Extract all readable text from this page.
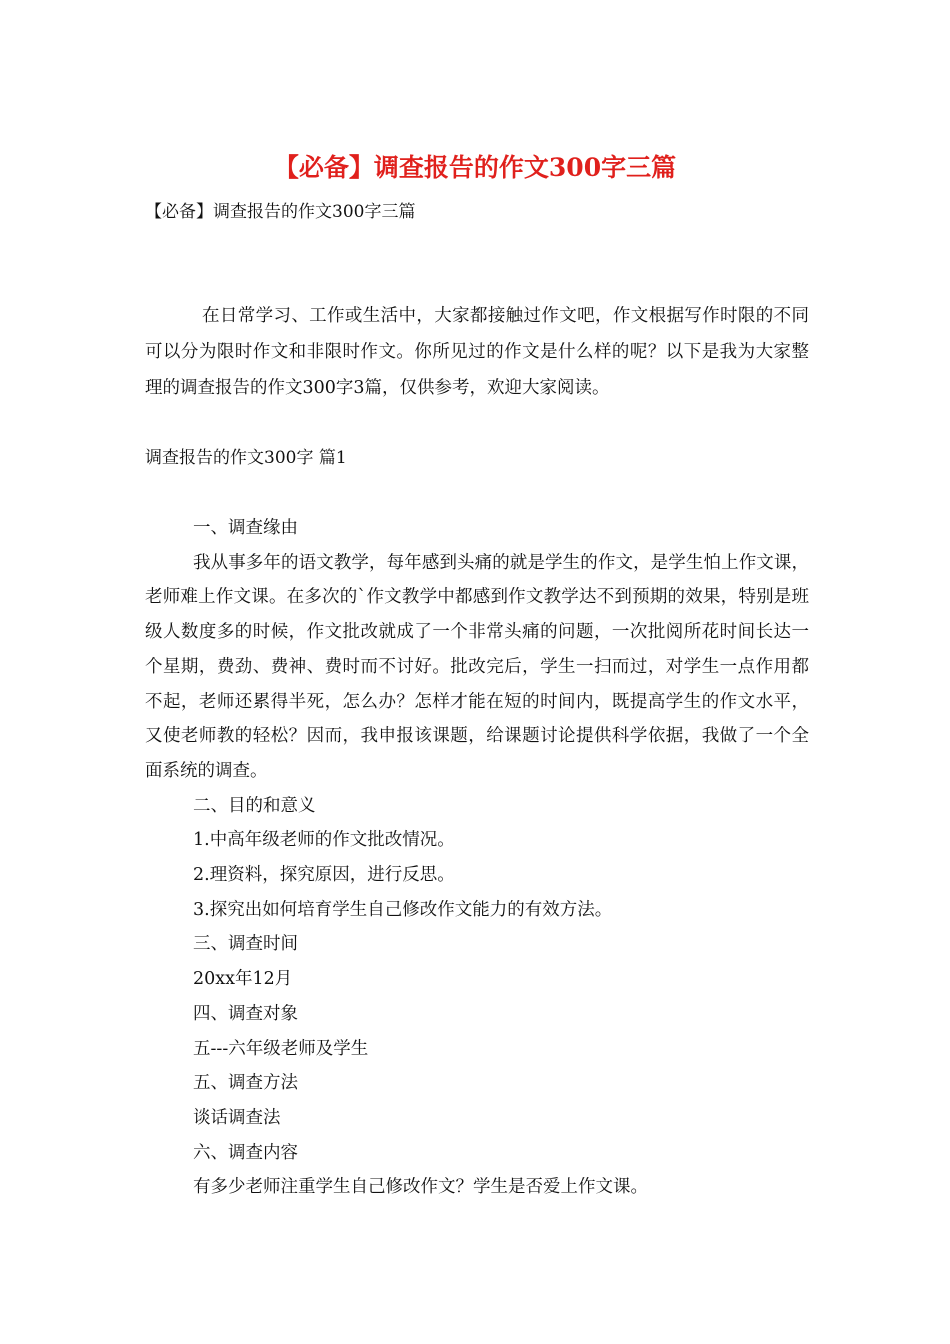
【必备】调查报告的作文300字三篇
【必备】调查报告的作文300字三篇
在日常学习、工作或生活中，大家都接触过作文吧，作文根据写作时限的不同可以分为限时作文和非限时作文。你所见过的作文是什么样的呢？以下是我为大家整理的调查报告的作文300字3篇，仅供参考，欢迎大家阅读。
调查报告的作文300字 篇1
一、调查缘由
我从事多年的语文教学，每年感到头痛的就是学生的作文，是学生怕上作文课，老师难上作文课。在多次的`作文教学中都感到作文教学达不到预期的效果，特别是班级人数度多的时候，作文批改就成了一个非常头痛的问题，一次批阅所花时间长达一个星期，费劲、费神、费时而不讨好。批改完后，学生一扫而过，对学生一点作用都不起，老师还累得半死，怎么办？怎样才能在短的时间内，既提高学生的作文水平，又使老师教的轻松？因而，我申报该课题，给课题讨论提供科学依据，我做了一个全面系统的调查。
二、目的和意义
1.中高年级老师的作文批改情况。
2.理资料，探究原因，进行反思。
3.探究出如何培育学生自己修改作文能力的有效方法。
三、调查时间
20xx年12月
四、调查对象
五---六年级老师及学生
五、调查方法
谈话调查法
六、调查内容
有多少老师注重学生自己修改作文？学生是否爱上作文课。
